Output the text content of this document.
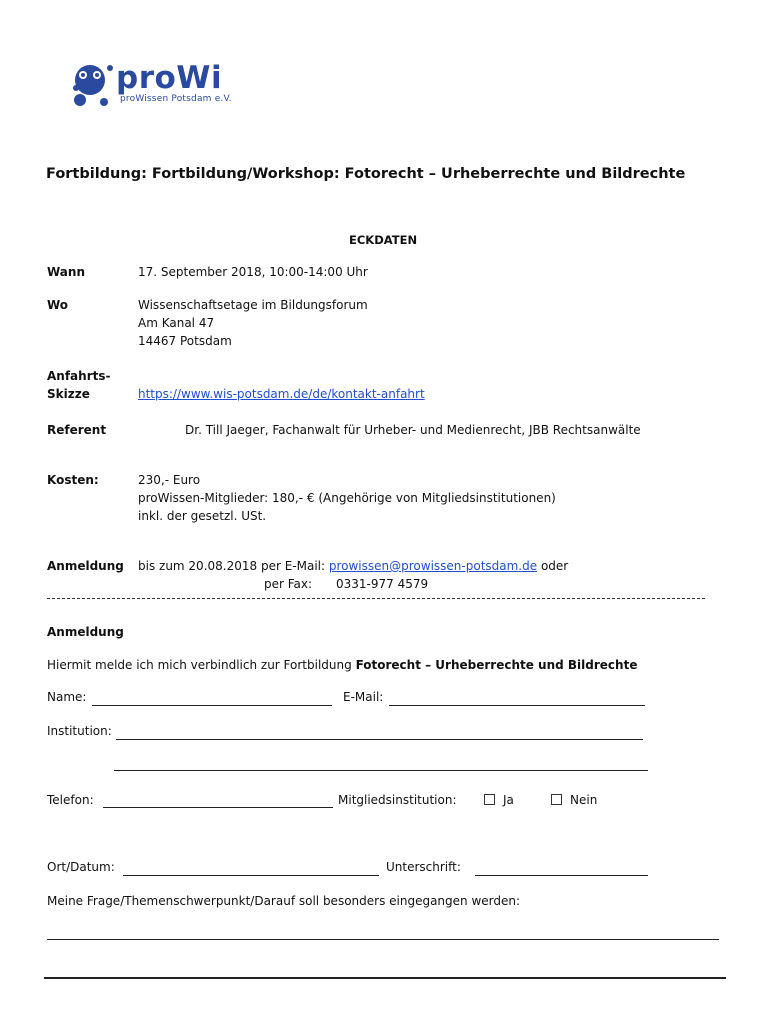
proWi
proWissen Potsdam e.V.
Fortbildung: Fortbildung/Workshop: Fotorecht – Urheberrechte und Bildrechte
ECKDATEN
Wann	17. September 2018, 10:00-14:00 Uhr
Wo	Wissenschaftsetage im Bildungsforum
Am Kanal 47
14467 Potsdam
Anfahrts-
Skizze	https://www.wis-potsdam.de/de/kontakt-anfahrt
Referent	Dr. Till Jaeger, Fachanwalt für Urheber- und Medienrecht, JBB Rechtsanwälte
Kosten:	230,- Euro
proWissen-Mitglieder: 180,- € (Angehörige von Mitgliedsinstitutionen)
inkl. der gesetzl. USt.
Anmeldung bis zum 20.08.2018 per E-Mail: prowissen@prowissen-potsdam.de oder
per Fax: 0331-977 4579
Anmeldung
Hiermit melde ich mich verbindlich zur Fortbildung Fotorecht – Urheberrechte und Bildrechte
Name:	E-Mail:
Institution:
Telefon:	Mitgliedsinstitution:	Ja	Nein
Ort/Datum:	Unterschrift:
Meine Frage/Themenschwerpunkt/Darauf soll besonders eingegangen werden:
